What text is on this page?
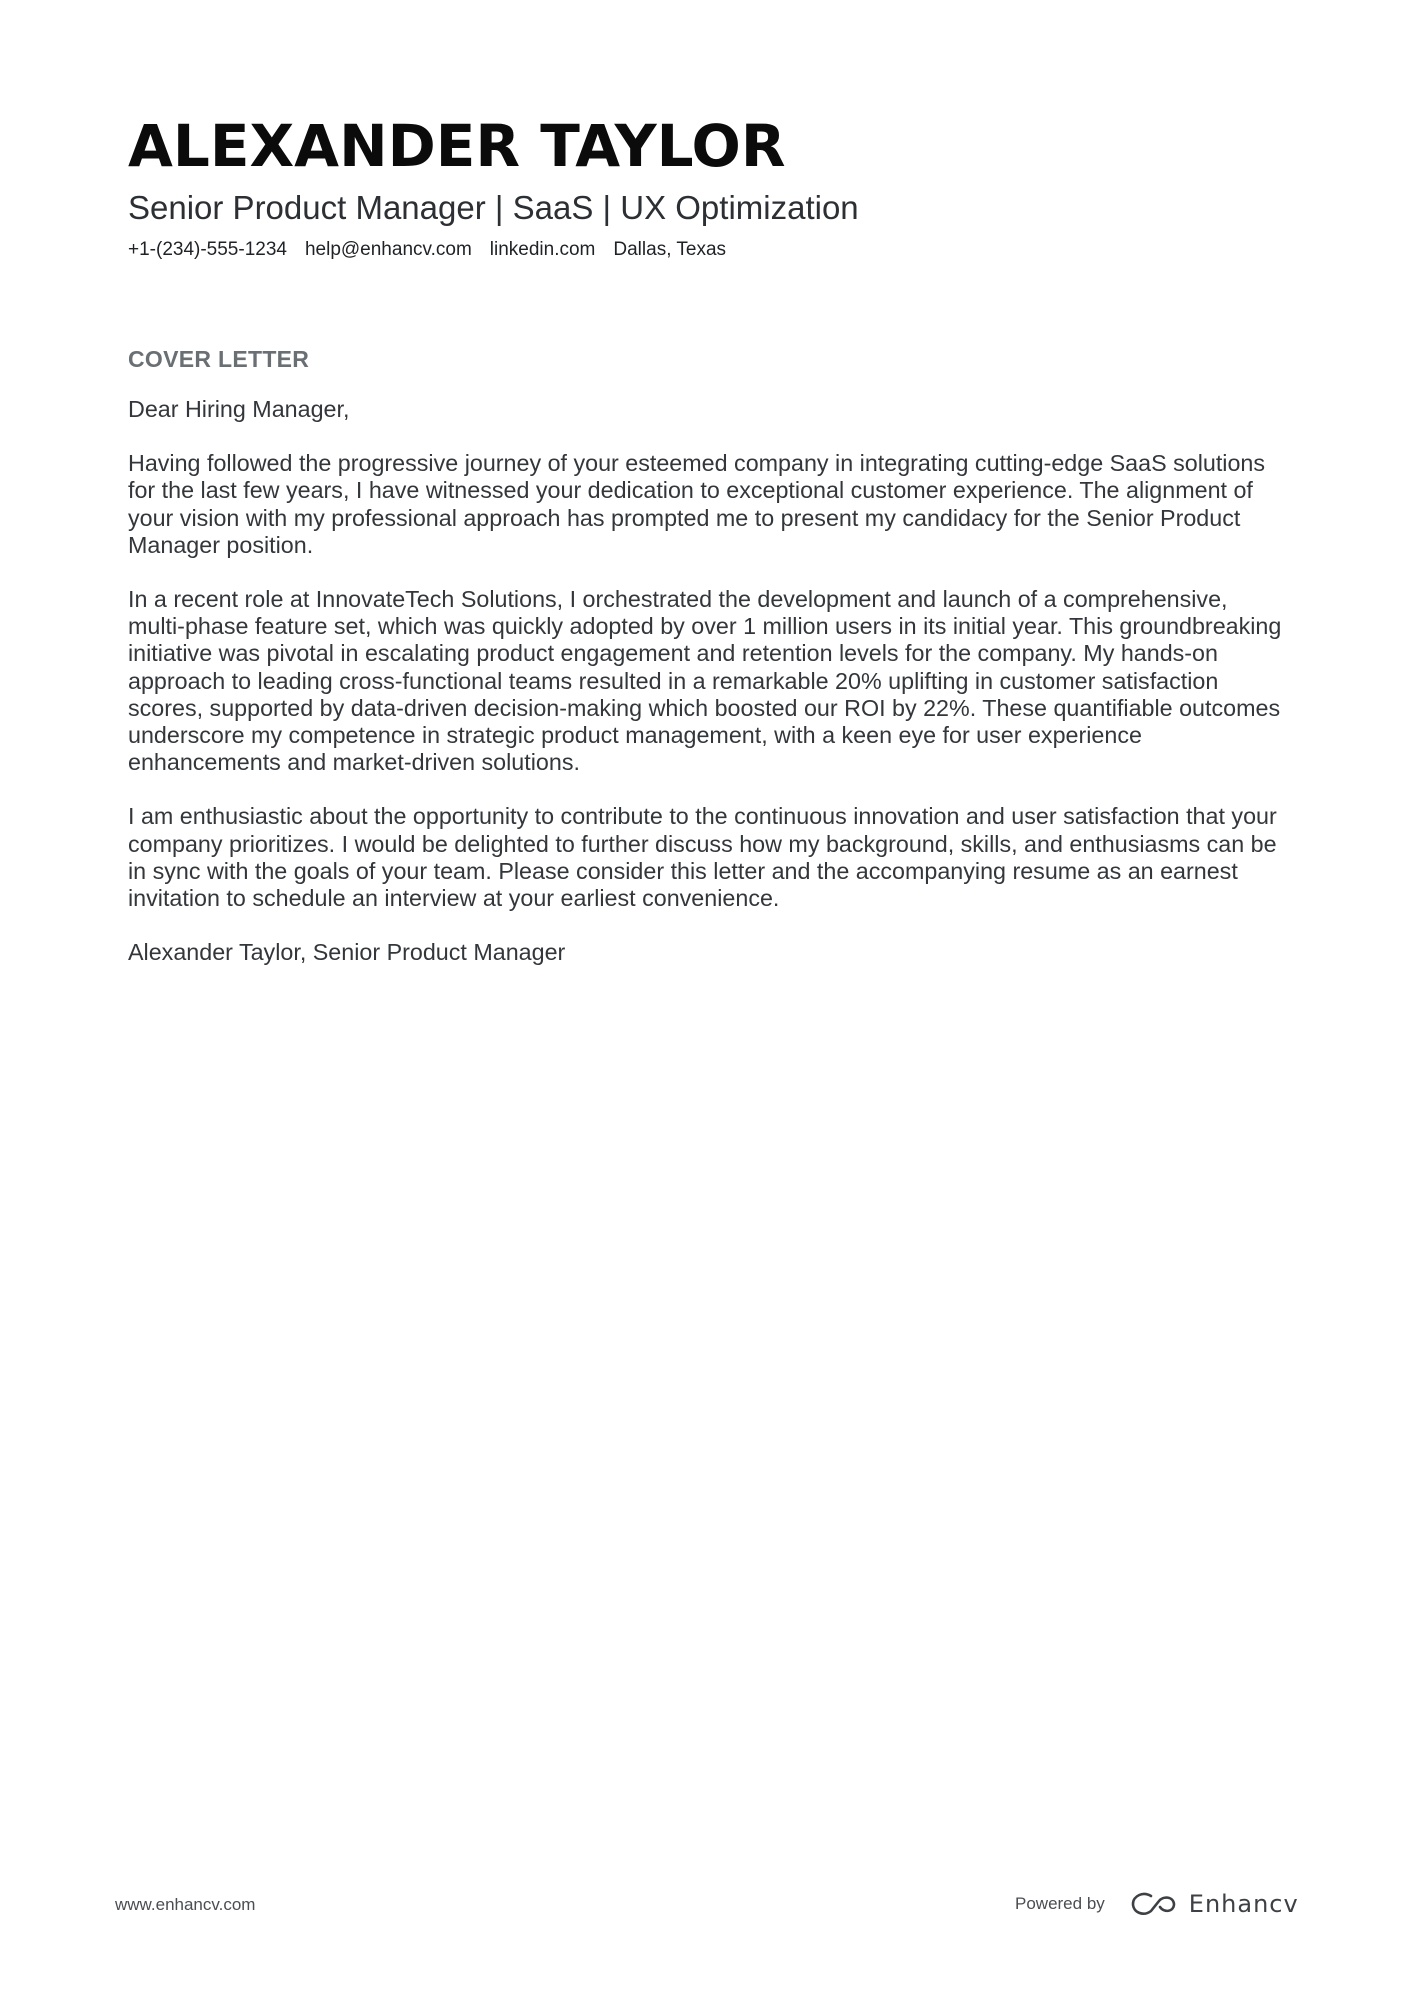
ALEXANDER TAYLOR
Senior Product Manager | SaaS | UX Optimization
+1-(234)-555-1234 help@enhancv.com linkedin.com Dallas, Texas
COVER LETTER

Dear Hiring Manager,

Having followed the progressive journey of your esteemed company in integrating cutting-edge SaaS solutions for the last few years, I have witnessed your dedication to exceptional customer experience. The alignment of your vision with my professional approach has prompted me to present my candidacy for the Senior Product Manager position.

In a recent role at InnovateTech Solutions, I orchestrated the development and launch of a comprehensive, multi-phase feature set, which was quickly adopted by over 1 million users in its initial year. This groundbreaking initiative was pivotal in escalating product engagement and retention levels for the company. My hands-on approach to leading cross-functional teams resulted in a remarkable 20% uplifting in customer satisfaction scores, supported by data-driven decision-making which boosted our ROI by 22%. These quantifiable outcomes underscore my competence in strategic product management, with a keen eye for user experience enhancements and market-driven solutions.

I am enthusiastic about the opportunity to contribute to the continuous innovation and user satisfaction that your company prioritizes. I would be delighted to further discuss how my background, skills, and enthusiasms can be in sync with the goals of your team. Please consider this letter and the accompanying resume as an earnest invitation to schedule an interview at your earliest convenience.

Alexander Taylor, Senior Product Manager

www.enhancv.com	Powered by	Enhancv
